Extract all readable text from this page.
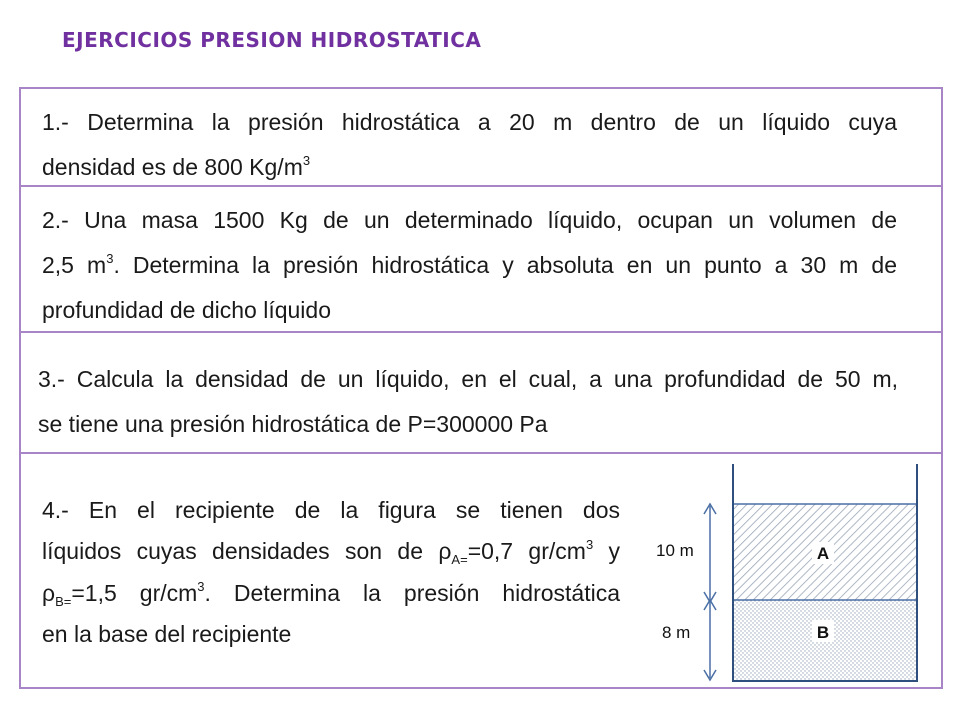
EJERCICIOS PRESION HIDROSTATICA
1.- Determina la presión hidrostática a 20 m dentro de un líquido cuya
densidad es de 800 $Kg/m^3$
2.- Una masa 1500 Kg de un determinado líquido, ocupan un volumen de
2,5 $m^3$. Determina la presión hidrostática y absoluta en un punto a 30 m de
profundidad de dicho líquido
3.- Calcula la densidad de un líquido, en el cual, a una profundidad de 50 m,
se tiene una presión hidrostática de P=300000 Pa
4.- En el recipiente de la figura se tienen dos
líquidos cuyas densidades son de $\rho_{A=}=0,7$ $gr/cm^3$ y
$\rho_{B=}=1,5$ $gr/cm^3$. Determina la presión hidrostática
en la base del recipiente
A
B
10 m
8 m
